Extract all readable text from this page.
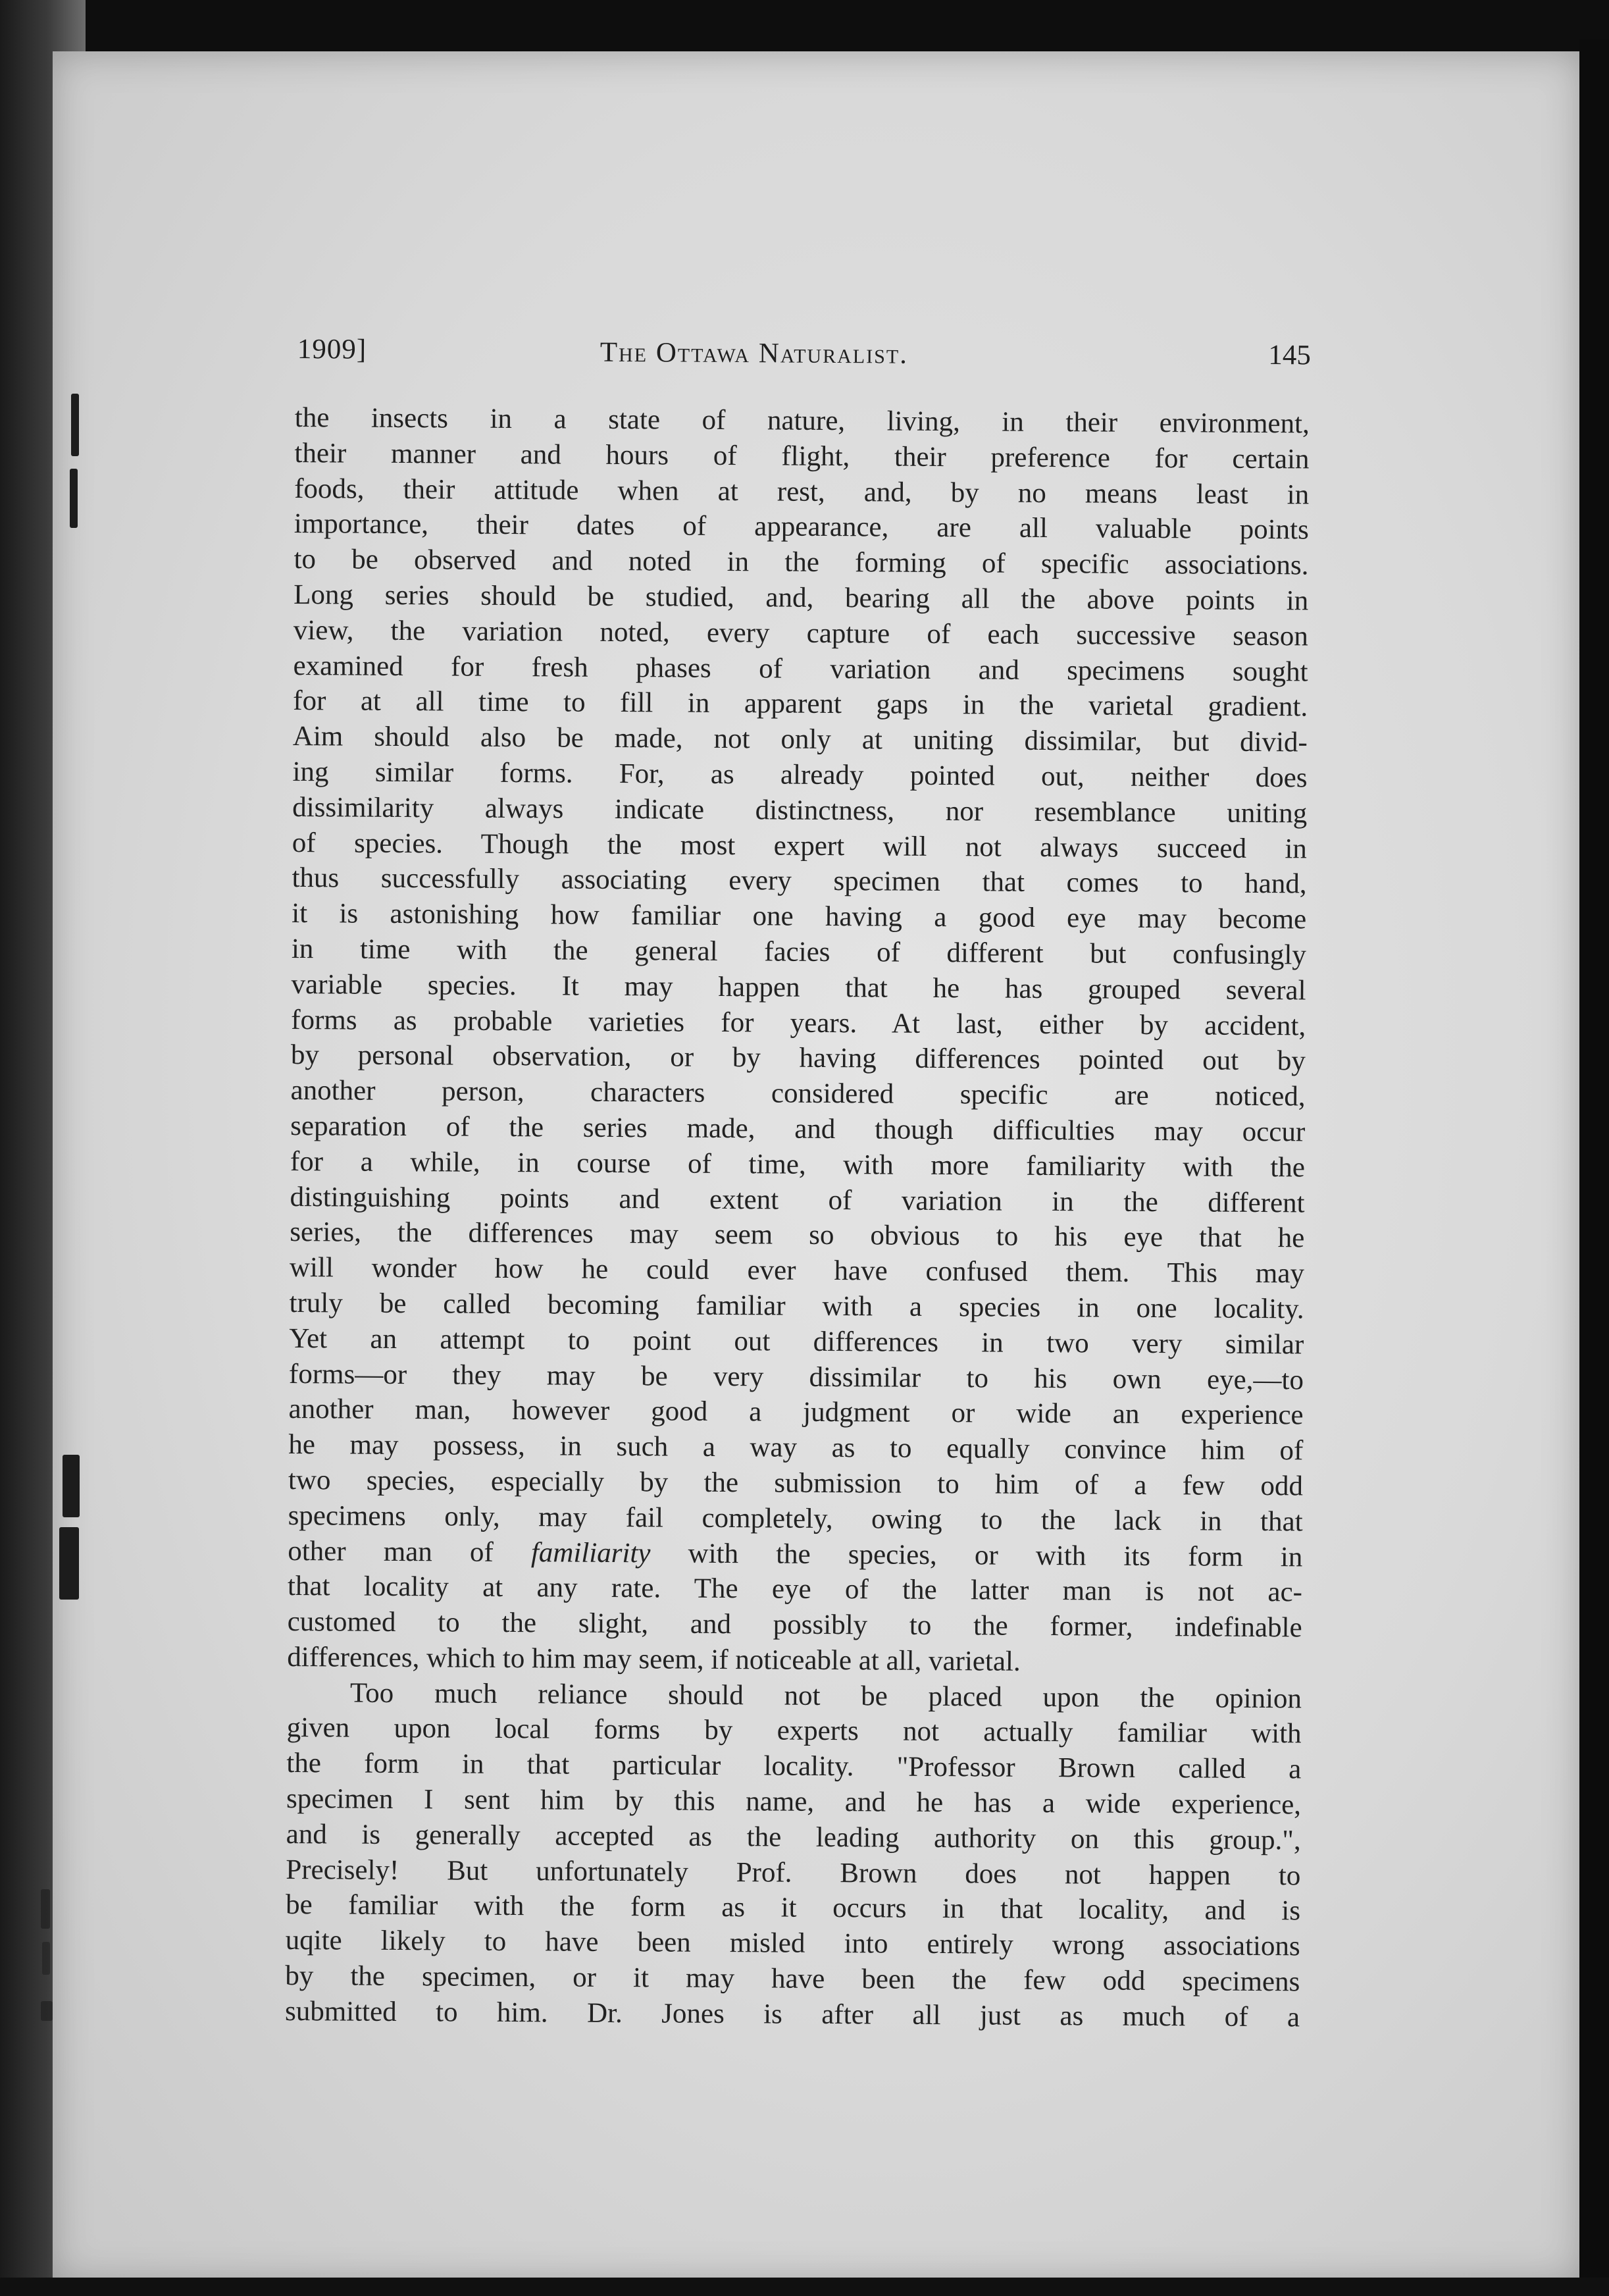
1909]	The Ottawa Naturalist.	145
the insects in a state of nature, living, in their environment,
their manner and hours of flight, their preference for certain
foods, their attitude when at rest, and, by no means least in
importance, their dates of appearance, are all valuable points
to be observed and noted in the forming of specific associations.
Long series should be studied, and, bearing all the above points in
view, the variation noted, every capture of each successive season
examined for fresh phases of variation and specimens sought
for at all time to fill in apparent gaps in the varietal gradient.
Aim should also be made, not only at uniting dissimilar, but divid-
ing similar forms. For, as already pointed out, neither does
dissimilarity always indicate distinctness, nor resemblance uniting
of species. Though the most expert will not always succeed in
thus successfully associating every specimen that comes to hand,
it is astonishing how familiar one having a good eye may become
in time with the general facies of different but confusingly
variable species. It may happen that he has grouped several
forms as probable varieties for years. At last, either by accident,
by personal observation, or by having differences pointed out by
another person, characters considered specific are noticed,
separation of the series made, and though difficulties may occur
for a while, in course of time, with more familiarity with the
distinguishing points and extent of variation in the different
series, the differences may seem so obvious to his eye that he
will wonder how he could ever have confused them. This may
truly be called becoming familiar with a species in one locality.
Yet an attempt to point out differences in two very similar
forms—or they may be very dissimilar to his own eye,—to
another man, however good a judgment or wide an experience
he may possess, in such a way as to equally convince him of
two species, especially by the submission to him of a few odd
specimens only, may fail completely, owing to the lack in that
other man of familiarity with the species, or with its form in
that locality at any rate. The eye of the latter man is not ac-
customed to the slight, and possibly to the former, indefinable
differences, which to him may seem, if noticeable at all, varietal.
Too much reliance should not be placed upon the opinion
given upon local forms by experts not actually familiar with
the form in that particular locality. "Professor Brown called a
specimen I sent him by this name, and he has a wide experience,
and is generally accepted as the leading authority on this group.",
Precisely! But unfortunately Prof. Brown does not happen to
be familiar with the form as it occurs in that locality, and is
uqite likely to have been misled into entirely wrong associations
by the specimen, or it may have been the few odd specimens
submitted to him. Dr. Jones is after all just as much of a
